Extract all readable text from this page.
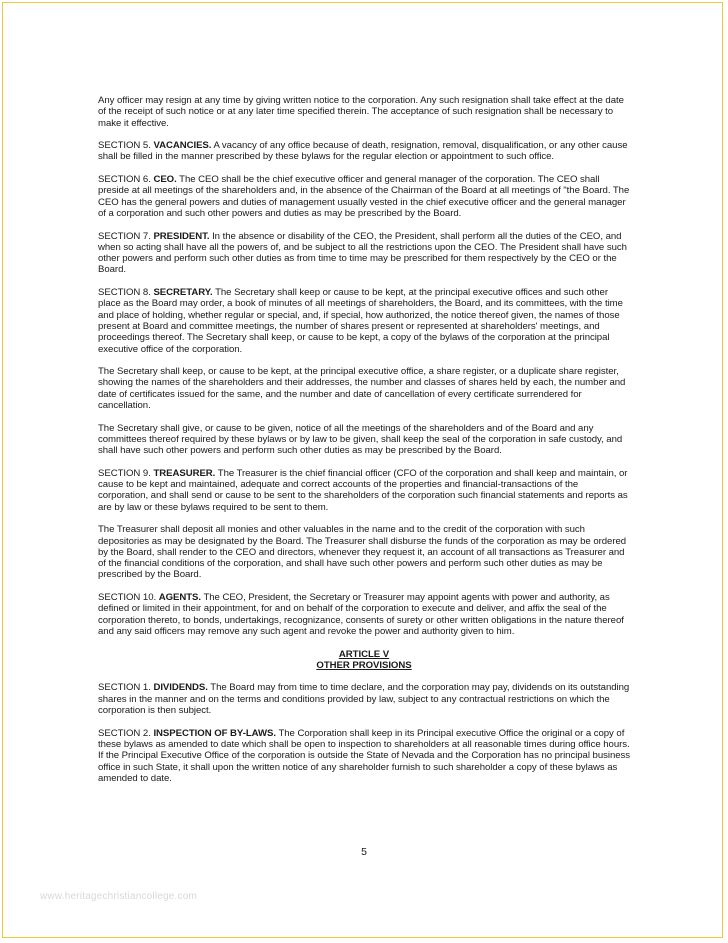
Any officer may resign at any time by giving written notice to the corporation. Any such resignation shall take effect at the date of the receipt of such notice or at any later time specified therein. The acceptance of such resignation shall be necessary to make it effective.

SECTION 5. VACANCIES. A vacancy of any office because of death, resignation, removal, disqualification, or any other cause shall be filled in the manner prescribed by these bylaws for the regular election or appointment to such office.

SECTION 6. CEO. The CEO shall be the chief executive officer and general manager of the corporation. The CEO shall preside at all meetings of the shareholders and, in the absence of the Chairman of the Board at all meetings of "the Board. The CEO has the general powers and duties of management usually vested in the chief executive officer and the general manager of a corporation and such other powers and duties as may be prescribed by the Board.

SECTION 7. PRESIDENT. In the absence or disability of the CEO, the President, shall perform all the duties of the CEO, and when so acting shall have all the powers of, and be subject to all the restrictions upon the CEO. The President shall have such other powers and perform such other duties as from time to time may be prescribed for them respectively by the CEO or the Board.

SECTION 8. SECRETARY. The Secretary shall keep or cause to be kept, at the principal executive offices and such other place as the Board may order, a book of minutes of all meetings of shareholders, the Board, and its committees, with the time and place of holding, whether regular or special, and, if special, how authorized, the notice thereof given, the names of those present at Board and committee meetings, the number of shares present or represented at shareholders' meetings, and proceedings thereof. The Secretary shall keep, or cause to be kept, a copy of the bylaws of the corporation at the principal executive office of the corporation.

The Secretary shall keep, or cause to be kept, at the principal executive office, a share register, or a duplicate share register, showing the names of the shareholders and their addresses, the number and classes of shares held by each, the number and date of certificates issued for the same, and the number and date of cancellation of every certificate surrendered for cancellation.

The Secretary shall give, or cause to be given, notice of all the meetings of the shareholders and of the Board and any committees thereof required by these bylaws or by law to be given, shall keep the seal of the corporation in safe custody, and shall have such other powers and perform such other duties as may be prescribed by the Board.

SECTION 9. TREASURER. The Treasurer is the chief financial officer (CFO of the corporation and shall keep and maintain, or cause to be kept and maintained, adequate and correct accounts of the properties and financial-transactions of the corporation, and shall send or cause to be sent to the shareholders of the corporation such financial statements and reports as are by law or these bylaws required to be sent to them.

The Treasurer shall deposit all monies and other valuables in the name and to the credit of the corporation with such depositories as may be designated by the Board. The Treasurer shall disburse the funds of the corporation as may be ordered by the Board, shall render to the CEO and directors, whenever they request it, an account of all transactions as Treasurer and of the financial conditions of the corporation, and shall have such other powers and perform such other duties as may be prescribed by the Board.

SECTION 10. AGENTS. The CEO, President, the Secretary or Treasurer may appoint agents with power and authority, as defined or limited in their appointment, for and on behalf of the corporation to execute and deliver, and affix the seal of the corporation thereto, to bonds, undertakings, recognizance, consents of surety or other written obligations in the nature thereof and any said officers may remove any such agent and revoke the power and authority given to him.

ARTICLE V
OTHER PROVISIONS

SECTION 1. DIVIDENDS. The Board may from time to time declare, and the corporation may pay, dividends on its outstanding shares in the manner and on the terms and conditions provided by law, subject to any contractual restrictions on which the corporation is then subject.

SECTION 2. INSPECTION OF BY-LAWS. The Corporation shall keep in its Principal executive Office the original or a copy of these bylaws as amended to date which shall be open to inspection to shareholders at all reasonable times during office hours. If the Principal Executive Office of the corporation is outside the State of Nevada and the Corporation has no principal business office in such State, it shall upon the written notice of any shareholder furnish to such shareholder a copy of these bylaws as amended to date.

5
www.heritagechristiancollege.com
